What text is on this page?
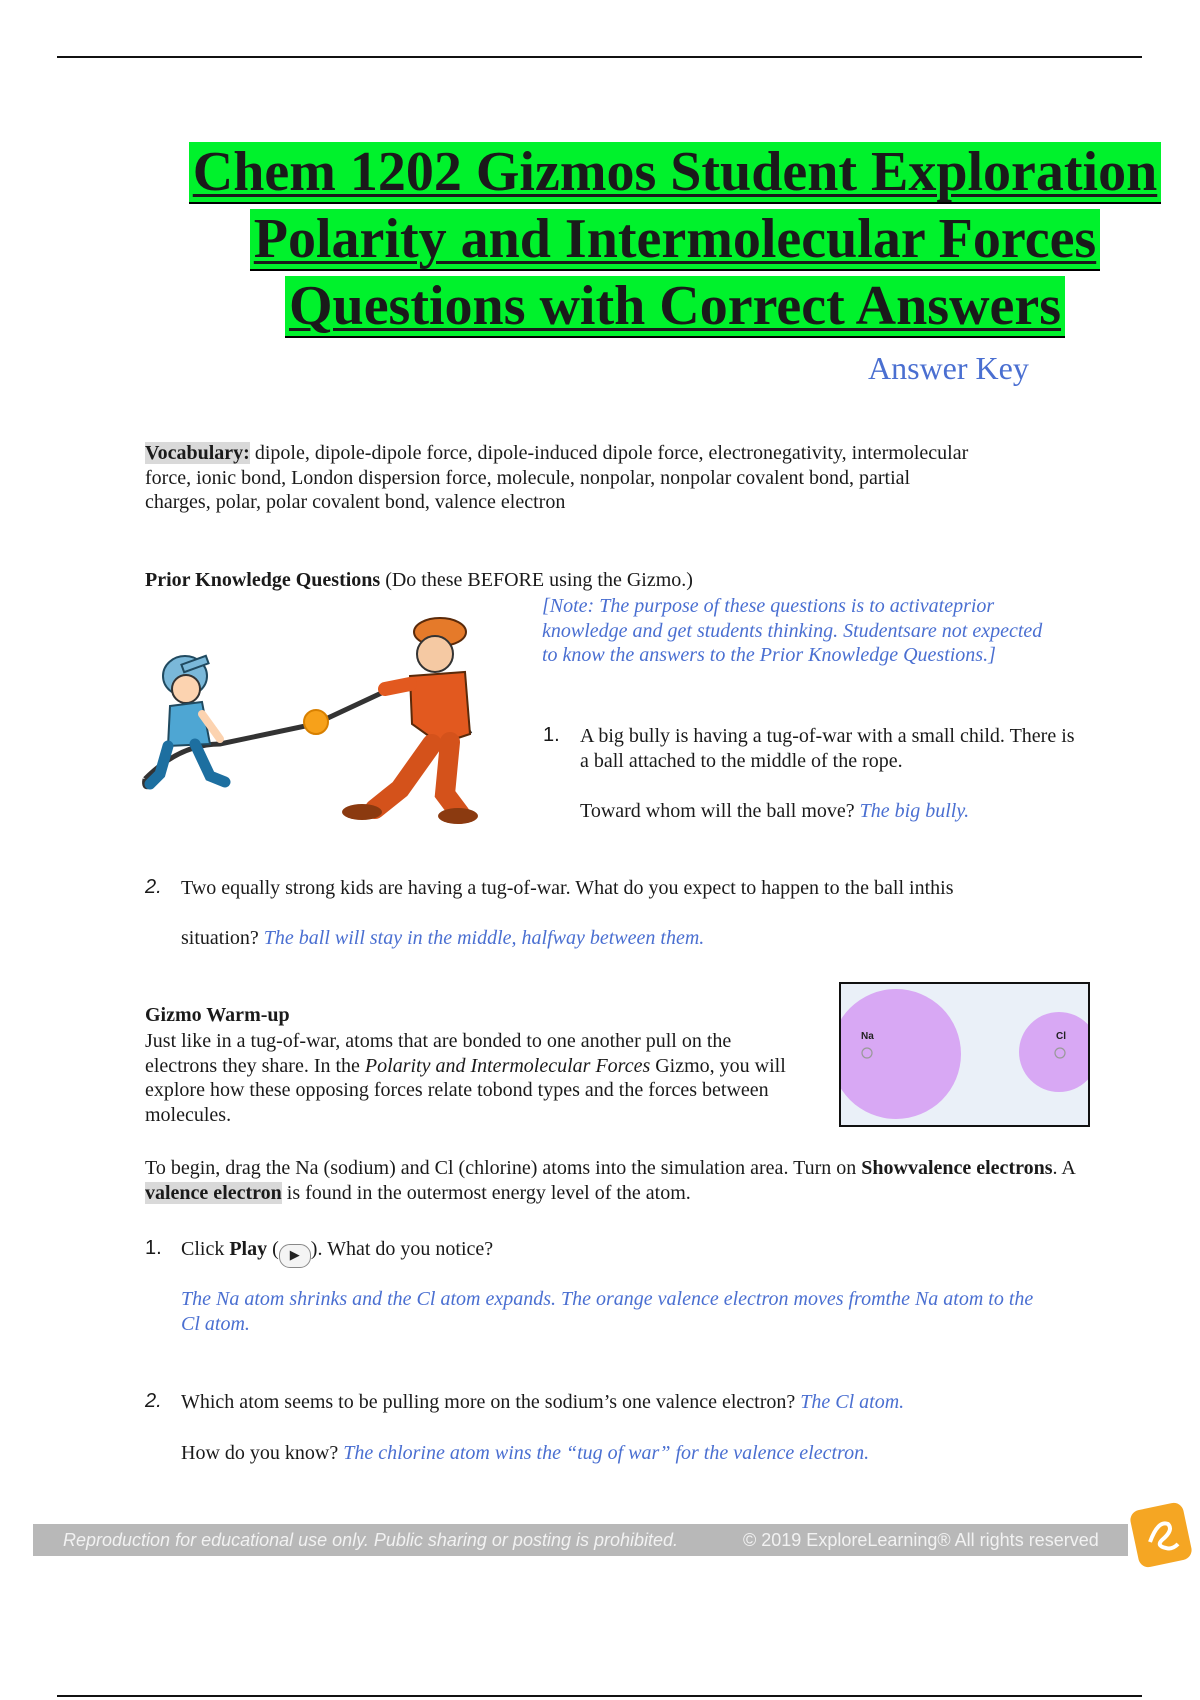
Chem 1202 Gizmos Student Exploration
Polarity and Intermolecular Forces
Questions with Correct Answers
Answer Key
Vocabulary: dipole, dipole-dipole force, dipole-induced dipole force, electronegativity, intermolecular force, ionic bond, London dispersion force, molecule, nonpolar, nonpolar covalent bond, partial charges, polar, polar covalent bond, valence electron
Prior Knowledge Questions (Do these BEFORE using the Gizmo.)
[Note: The purpose of these questions is to activateprior knowledge and get students thinking. Studentsare not expected to know the answers to the Prior Knowledge Questions.]
1. A big bully is having a tug-of-war with a small child. There is a ball attached to the middle of the rope.
Toward whom will the ball move? The big bully.
2. Two equally strong kids are having a tug-of-war. What do you expect to happen to the ball inthis
situation? The ball will stay in the middle, halfway between them.
Gizmo Warm-up
Just like in a tug-of-war, atoms that are bonded to one another pull on the electrons they share. In the Polarity and Intermolecular Forces Gizmo, you will explore how these opposing forces relate tobond types and the forces between molecules.
Na	Cl
To begin, drag the Na (sodium) and Cl (chlorine) atoms into the simulation area. Turn on Showvalence electrons. A valence electron is found in the outermost energy level of the atom.
1. Click Play ( ▶ ). What do you notice?
The Na atom shrinks and the Cl atom expands. The orange valence electron moves fromthe Na atom to the Cl atom.
2. Which atom seems to be pulling more on the sodium’s one valence electron? The Cl atom.
How do you know? The chlorine atom wins the “tug of war” for the valence electron.
Reproduction for educational use only. Public sharing or posting is prohibited.	© 2019 ExploreLearning® All rights reserved
